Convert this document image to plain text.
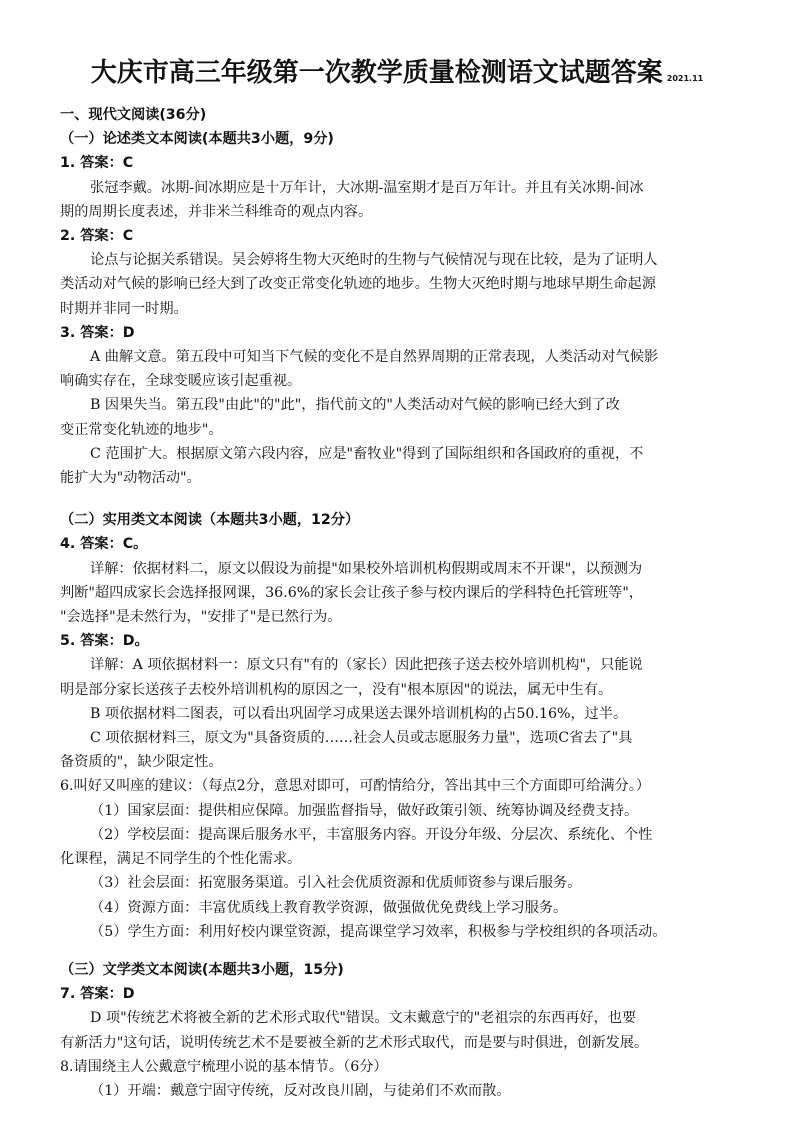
大庆市高三年级第一次教学质量检测语文试题答案 2021.11
一、现代文阅读(36分)
（一）论述类文本阅读(本题共3小题，9分)
1. 答案：C
张冠李戴。冰期-间冰期应是十万年计，大冰期-温室期才是百万年计。并且有关冰期-间冰
期的周期长度表述，并非米兰科维奇的观点内容。
2. 答案：C
论点与论据关系错误。吴会婷将生物大灭绝时的生物与气候情况与现在比较，是为了证明人
类活动对气候的影响已经大到了改变正常变化轨迹的地步。生物大灭绝时期与地球早期生命起源
时期并非同一时期。
3. 答案：D
A 曲解文意。第五段中可知当下气候的变化不是自然界周期的正常表现，人类活动对气候影
响确实存在，全球变暖应该引起重视。
B 因果失当。第五段"由此"的"此"，指代前文的"人类活动对气候的影响已经大到了改
变正常变化轨迹的地步"。
C 范围扩大。根据原文第六段内容，应是"畜牧业"得到了国际组织和各国政府的重视，不
能扩大为"动物活动"。
（二）实用类文本阅读（本题共3小题，12分）
4. 答案：C。
详解：依据材料二，原文以假设为前提"如果校外培训机构假期或周末不开课"，以预测为
判断"超四成家长会选择报网课，36.6%的家长会让孩子参与校内课后的学科特色托管班等"，
"会选择"是未然行为，"安排了"是已然行为。
5. 答案：D。
详解：A 项依据材料一：原文只有"有的（家长）因此把孩子送去校外培训机构"，只能说
明是部分家长送孩子去校外培训机构的原因之一，没有"根本原因"的说法，属无中生有。
B 项依据材料二图表，可以看出巩固学习成果送去课外培训机构的占50.16%，过半。
C 项依据材料三，原文为"具备资质的……社会人员或志愿服务力量"，选项C省去了"具
备资质的"，缺少限定性。
6.叫好又叫座的建议：（每点2分，意思对即可，可酌情给分，答出其中三个方面即可给满分。）
（1）国家层面：提供相应保障。加强监督指导，做好政策引领、统筹协调及经费支持。
（2）学校层面：提高课后服务水平，丰富服务内容。开设分年级、分层次、系统化、个性
化课程，满足不同学生的个性化需求。
（3）社会层面：拓宽服务渠道。引入社会优质资源和优质师资参与课后服务。
（4）资源方面：丰富优质线上教育教学资源，做强做优免费线上学习服务。
（5）学生方面：利用好校内课堂资源，提高课堂学习效率，积极参与学校组织的各项活动。
（三）文学类文本阅读(本题共3小题，15分)
7. 答案：D
D 项"传统艺术将被全新的艺术形式取代"错误。文末戴意宁的"老祖宗的东西再好，也要
有新活力"这句话，说明传统艺术不是要被全新的艺术形式取代，而是要与时俱进，创新发展。
8.请围绕主人公戴意宁梳理小说的基本情节。（6分）
（1）开端：戴意宁固守传统，反对改良川剧，与徒弟们不欢而散。
